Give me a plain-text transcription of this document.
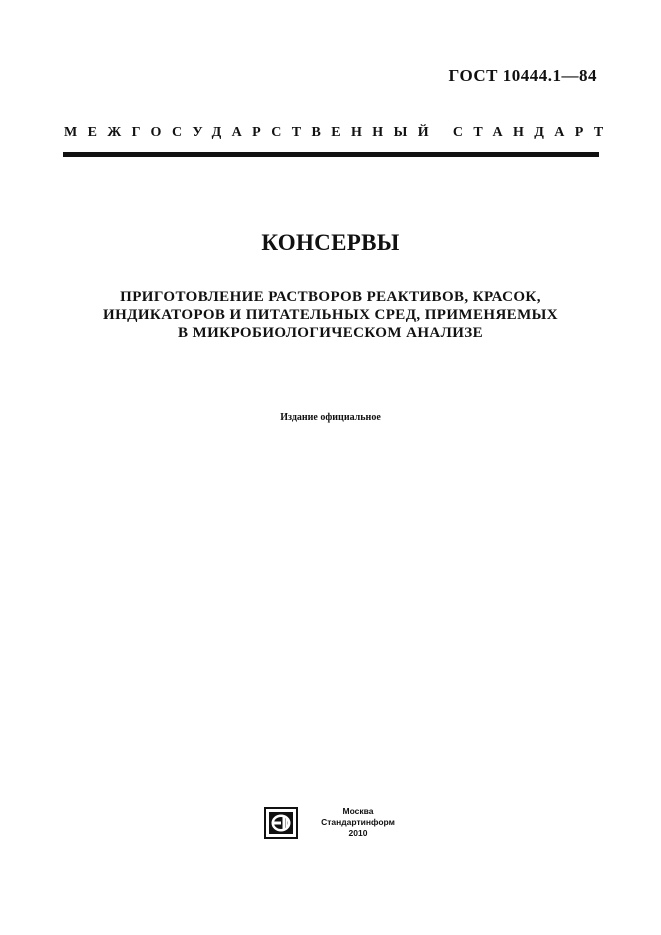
ГОСТ 10444.1—84
МЕЖГОСУДАРСТВЕННЫЙ СТАНДАРТ
КОНСЕРВЫ
ПРИГОТОВЛЕНИЕ РАСТВОРОВ РЕАКТИВОВ, КРАСОК,
ИНДИКАТОРОВ И ПИТАТЕЛЬНЫХ СРЕД, ПРИМЕНЯЕМЫХ
В МИКРОБИОЛОГИЧЕСКОМ АНАЛИЗЕ
Издание официальное
Москва
Стандартинформ
2010
